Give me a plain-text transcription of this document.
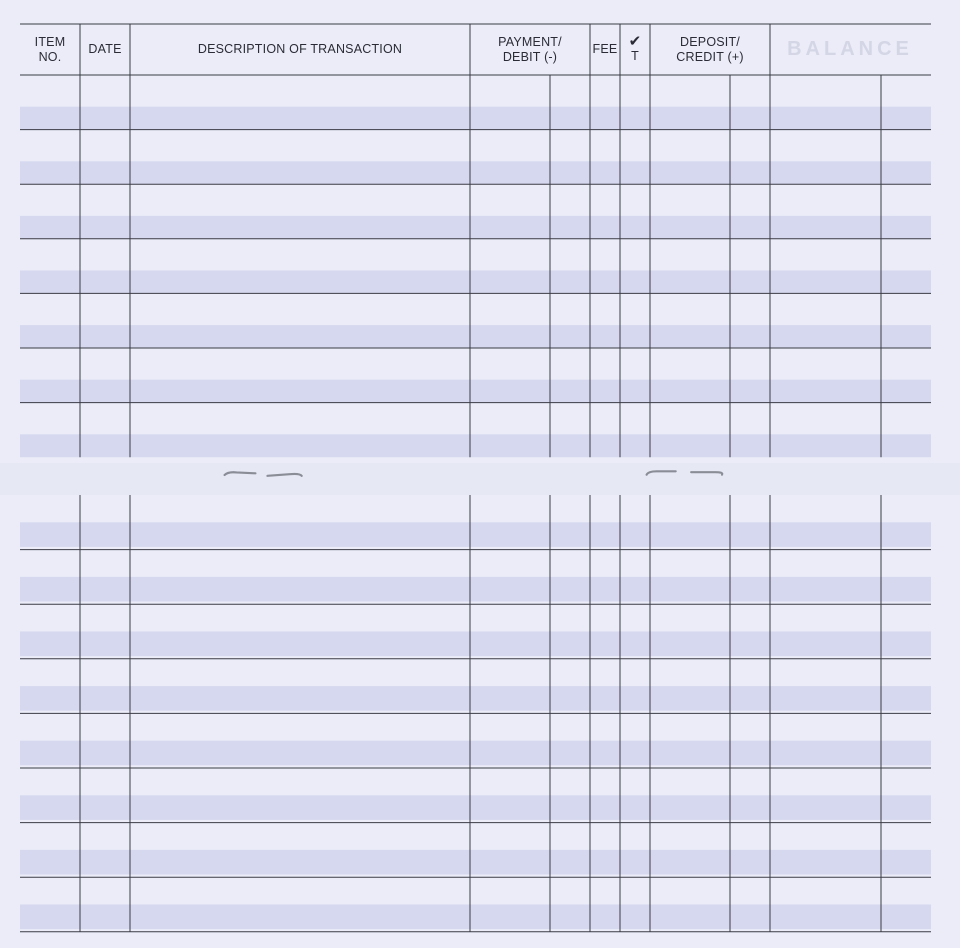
ITEM
NO.
DATE	DESCRIPTION OF TRANSACTION
PAYMENT/
DEBIT (-)
FEE ✔
T
DEPOSIT/
CREDIT (+) BALANCE
